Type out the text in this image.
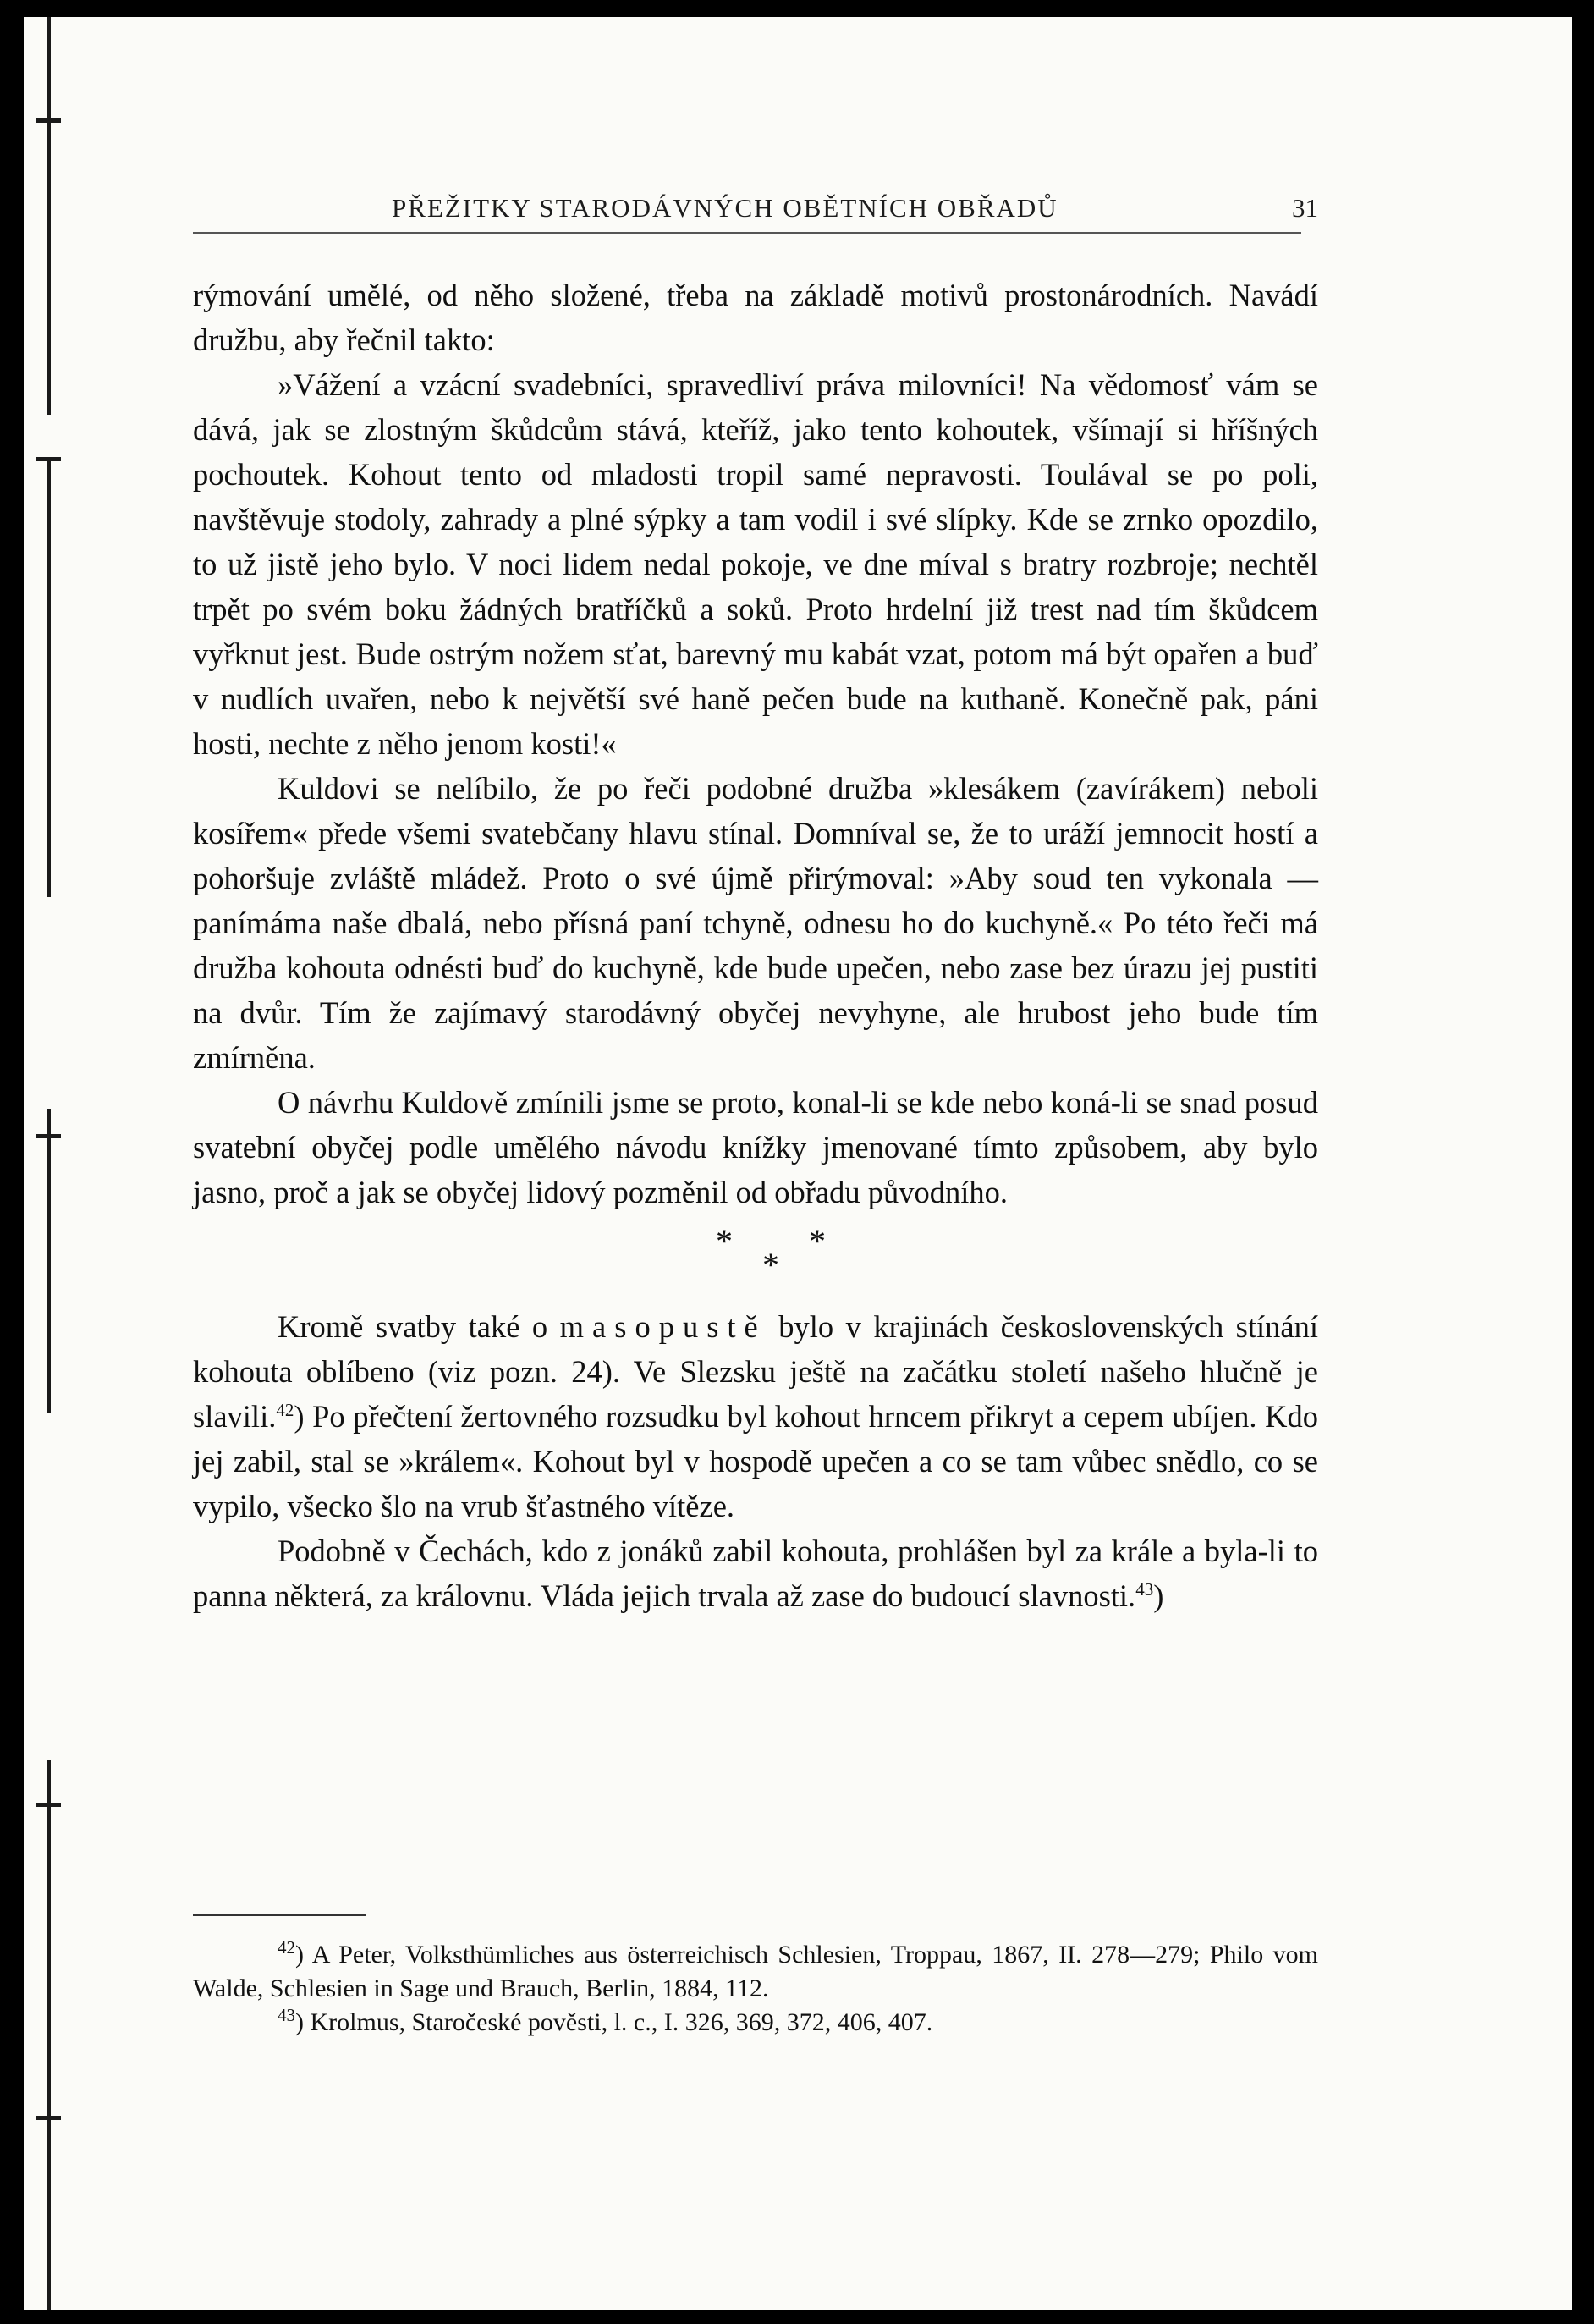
PŘEŽITKY STARODÁVNÝCH OBĚTNÍCH OBŘADŮ	31

rýmování umělé, od něho složené, třeba na základě motivů prostonárodních. Navádí družbu, aby řečnil takto:

»Vážení a vzácní svadebníci, spravedliví práva milovníci! Na vědomosť vám se dává, jak se zlostným škůdcům stává, kteříž, jako tento kohoutek, všímají si hříšných pochoutek. Kohout tento od mladosti tropil samé nepravosti. Toulával se po poli, navštěvuje stodoly, zahrady a plné sýpky a tam vodil i své slípky. Kde se zrnko opozdilo, to už jistě jeho bylo. V noci lidem nedal pokoje, ve dne míval s bratry rozbroje; nechtěl trpět po svém boku žádných bratříčků a soků. Proto hrdelní již trest nad tím škůdcem vyřknut jest. Bude ostrým nožem sťat, barevný mu kabát vzat, potom má být opařen a buď v nudlích uvařen, nebo k největší své haně pečen bude na kuthaně. Konečně pak, páni hosti, nechte z něho jenom kosti!«

Kuldovi se nelíbilo, že po řeči podobné družba »klesákem (zavírákem) neboli kosířem« přede všemi svatebčany hlavu stínal. Domníval se, že to uráží jemnocit hostí a pohoršuje zvláště mládež. Proto o své újmě přirýmoval: »Aby soud ten vykonala — panímáma naše dbalá, nebo přísná paní tchyně, odnesu ho do kuchyně.« Po této řeči má družba kohouta odnésti buď do kuchyně, kde bude upečen, nebo zase bez úrazu jej pustiti na dvůr. Tím že zajímavý starodávný obyčej nevyhyne, ale hrubost jeho bude tím zmírněna.

O návrhu Kuldově zmínili jsme se proto, konal-li se kde nebo koná-li se snad posud svatební obyčej podle umělého návodu knížky jmenované tímto způsobem, aby bylo jasno, proč a jak se obyčej lidový pozměnil od obřadu původního.

* *
*

Kromě svatby také o masopustě bylo v krajinách československých stínání kohouta oblíbeno (viz pozn. 24). Ve Slezsku ještě na začátku století našeho hlučně je slavili.$^{42}$) Po přečtení žertovného rozsudku byl kohout hrncem přikryt a cepem ubíjen. Kdo jej zabil, stal se »králem«. Kohout byl v hospodě upečen a co se tam vůbec snědlo, co se vypilo, všecko šlo na vrub šťastného vítěze.

Podobně v Čechách, kdo z jonáků zabil kohouta, prohlášen byl za krále a byla-li to panna některá, za královnu. Vláda jejich trvala až zase do budoucí slavnosti.$^{43}$)

$^{42}$) A Peter, Volksthümliches aus österreichisch Schlesien, Troppau, 1867, II. 278—279; Philo vom Walde, Schlesien in Sage und Brauch, Berlin, 1884, 112.

$^{43}$) Krolmus, Staročeské pověsti, l. c., I. 326, 369, 372, 406, 407.
